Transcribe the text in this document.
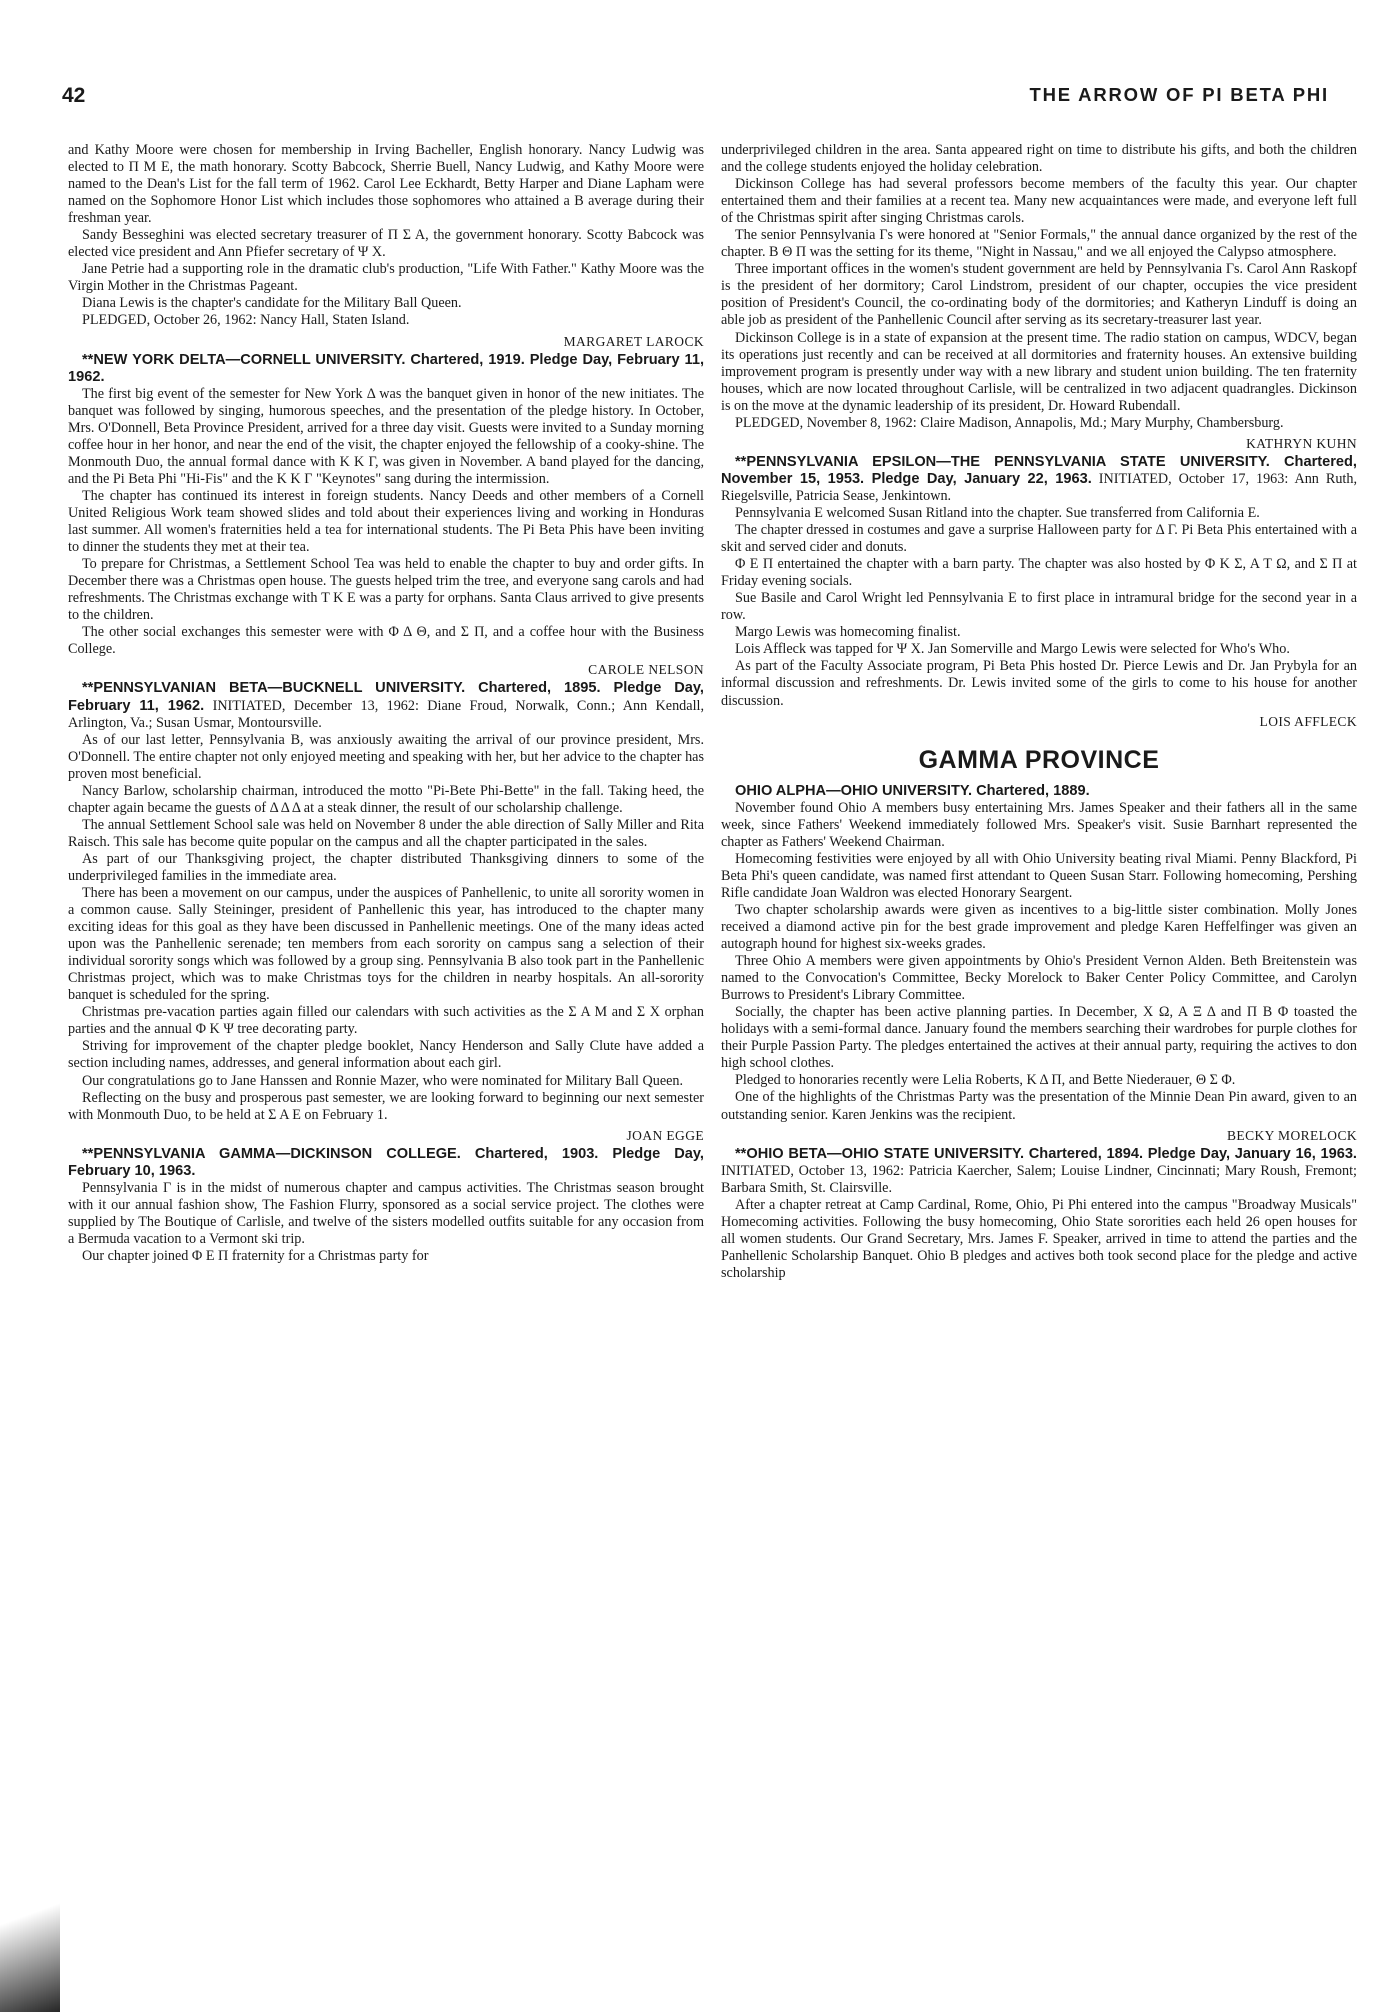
42	THE ARROW OF PI BETA PHI

and Kathy Moore were chosen for membership in Irving Bacheller, English honorary. Nancy Ludwig was elected to Π Μ Ε, the math honorary. Scotty Babcock, Sherrie Buell, Nancy Ludwig, and Kathy Moore were named to the Dean's List for the fall term of 1962. Carol Lee Eckhardt, Betty Harper and Diane Lapham were named on the Sophomore Honor List which includes those sophomores who attained a B average during their freshman year.

Sandy Besseghini was elected secretary treasurer of Π Σ Α, the government honorary. Scotty Babcock was elected vice president and Ann Pfiefer secretary of Ψ Χ.

Jane Petrie had a supporting role in the dramatic club's production, "Life With Father." Kathy Moore was the Virgin Mother in the Christmas Pageant.

Diana Lewis is the chapter's candidate for the Military Ball Queen.

PLEDGED, October 26, 1962: Nancy Hall, Staten Island.

MARGARET LAROCK

**NEW YORK DELTA—CORNELL UNIVERSITY. Chartered, 1919. Pledge Day, February 11, 1962.

The first big event of the semester for New York Δ was the banquet given in honor of the new initiates. The banquet was followed by singing, humorous speeches, and the presentation of the pledge history. In October, Mrs. O'Donnell, Beta Province President, arrived for a three day visit. Guests were invited to a Sunday morning coffee hour in her honor, and near the end of the visit, the chapter enjoyed the fellowship of a cooky-shine. The Monmouth Duo, the annual formal dance with Κ Κ Γ, was given in November. A band played for the dancing, and the Pi Beta Phi "Hi-Fis" and the Κ Κ Γ "Keynotes" sang during the intermission.

The chapter has continued its interest in foreign students. Nancy Deeds and other members of a Cornell United Religious Work team showed slides and told about their experiences living and working in Honduras last summer. All women's fraternities held a tea for international students. The Pi Beta Phis have been inviting to dinner the students they met at their tea.

To prepare for Christmas, a Settlement School Tea was held to enable the chapter to buy and order gifts. In December there was a Christmas open house. The guests helped trim the tree, and everyone sang carols and had refreshments. The Christmas exchange with Τ Κ Ε was a party for orphans. Santa Claus arrived to give presents to the children.

The other social exchanges this semester were with Φ Δ Θ, and Σ Π, and a coffee hour with the Business College.

CAROLE NELSON

**PENNSYLVANIAN BETA—BUCKNELL UNIVERSITY. Chartered, 1895. Pledge Day, February 11, 1962. INITIATED, December 13, 1962: Diane Froud, Norwalk, Conn.; Ann Kendall, Arlington, Va.; Susan Usmar, Montoursville.

As of our last letter, Pennsylvania Β, was anxiously awaiting the arrival of our province president, Mrs. O'Donnell. The entire chapter not only enjoyed meeting and speaking with her, but her advice to the chapter has proven most beneficial.

Nancy Barlow, scholarship chairman, introduced the motto "Pi-Bete Phi-Bette" in the fall. Taking heed, the chapter again became the guests of Δ Δ Δ at a steak dinner, the result of our scholarship challenge.

The annual Settlement School sale was held on November 8 under the able direction of Sally Miller and Rita Raisch. This sale has become quite popular on the campus and all the chapter participated in the sales.

As part of our Thanksgiving project, the chapter distributed Thanksgiving dinners to some of the underprivileged families in the immediate area.

There has been a movement on our campus, under the auspices of Panhellenic, to unite all sorority women in a common cause. Sally Steininger, president of Panhellenic this year, has introduced to the chapter many exciting ideas for this goal as they have been discussed in Panhellenic meetings. One of the many ideas acted upon was the Panhellenic serenade; ten members from each sorority on campus sang a selection of their individual sorority songs which was followed by a group sing. Pennsylvania Β also took part in the Panhellenic Christmas project, which was to make Christmas toys for the children in nearby hospitals. An all-sorority banquet is scheduled for the spring.

Christmas pre-vacation parties again filled our calendars with such activities as the Σ Α Μ and Σ Χ orphan parties and the annual Φ Κ Ψ tree decorating party.

Striving for improvement of the chapter pledge booklet, Nancy Henderson and Sally Clute have added a section including names, addresses, and general information about each girl.

Our congratulations go to Jane Hanssen and Ronnie Mazer, who were nominated for Military Ball Queen.

Reflecting on the busy and prosperous past semester, we are looking forward to beginning our next semester with Monmouth Duo, to be held at Σ Α Ε on February 1.

JOAN EGGE

**PENNSYLVANIA GAMMA—DICKINSON COLLEGE. Chartered, 1903. Pledge Day, February 10, 1963.

Pennsylvania Γ is in the midst of numerous chapter and campus activities. The Christmas season brought with it our annual fashion show, The Fashion Flurry, sponsored as a social service project. The clothes were supplied by The Boutique of Carlisle, and twelve of the sisters modelled outfits suitable for any occasion from a Bermuda vacation to a Vermont ski trip.

Our chapter joined Φ Ε Π fraternity for a Christmas party for

underprivileged children in the area. Santa appeared right on time to distribute his gifts, and both the children and the college students enjoyed the holiday celebration.

Dickinson College has had several professors become members of the faculty this year. Our chapter entertained them and their families at a recent tea. Many new acquaintances were made, and everyone left full of the Christmas spirit after singing Christmas carols.

The senior Pennsylvania Γs were honored at "Senior Formals," the annual dance organized by the rest of the chapter. Β Θ Π was the setting for its theme, "Night in Nassau," and we all enjoyed the Calypso atmosphere.

Three important offices in the women's student government are held by Pennsylvania Γs. Carol Ann Raskopf is the president of her dormitory; Carol Lindstrom, president of our chapter, occupies the vice president position of President's Council, the co-ordinating body of the dormitories; and Katheryn Linduff is doing an able job as president of the Panhellenic Council after serving as its secretary-treasurer last year.

Dickinson College is in a state of expansion at the present time. The radio station on campus, WDCV, began its operations just recently and can be received at all dormitories and fraternity houses. An extensive building improvement program is presently under way with a new library and student union building. The ten fraternity houses, which are now located throughout Carlisle, will be centralized in two adjacent quadrangles. Dickinson is on the move at the dynamic leadership of its president, Dr. Howard Rubendall.

PLEDGED, November 8, 1962: Claire Madison, Annapolis, Md.; Mary Murphy, Chambersburg.

KATHRYN KUHN

**PENNSYLVANIA EPSILON—THE PENNSYLVANIA STATE UNIVERSITY. Chartered, November 15, 1953. Pledge Day, January 22, 1963. INITIATED, October 17, 1963: Ann Ruth, Riegelsville, Patricia Sease, Jenkintown.

Pennsylvania Ε welcomed Susan Ritland into the chapter. Sue transferred from California Ε.

The chapter dressed in costumes and gave a surprise Halloween party for Δ Γ. Pi Beta Phis entertained with a skit and served cider and donuts.

Φ Ε Π entertained the chapter with a barn party. The chapter was also hosted by Φ Κ Σ, Α Τ Ω, and Σ Π at Friday evening socials.

Sue Basile and Carol Wright led Pennsylvania Ε to first place in intramural bridge for the second year in a row.

Margo Lewis was homecoming finalist.

Lois Affleck was tapped for Ψ Χ. Jan Somerville and Margo Lewis were selected for Who's Who.

As part of the Faculty Associate program, Pi Beta Phis hosted Dr. Pierce Lewis and Dr. Jan Prybyla for an informal discussion and refreshments. Dr. Lewis invited some of the girls to come to his house for another discussion.

LOIS AFFLECK
GAMMA PROVINCE

OHIO ALPHA—OHIO UNIVERSITY. Chartered, 1889.

November found Ohio Α members busy entertaining Mrs. James Speaker and their fathers all in the same week, since Fathers' Weekend immediately followed Mrs. Speaker's visit. Susie Barnhart represented the chapter as Fathers' Weekend Chairman.

Homecoming festivities were enjoyed by all with Ohio University beating rival Miami. Penny Blackford, Pi Beta Phi's queen candidate, was named first attendant to Queen Susan Starr. Following homecoming, Pershing Rifle candidate Joan Waldron was elected Honorary Seargent.

Two chapter scholarship awards were given as incentives to a big-little sister combination. Molly Jones received a diamond active pin for the best grade improvement and pledge Karen Heffelfinger was given an autograph hound for highest six-weeks grades.

Three Ohio Α members were given appointments by Ohio's President Vernon Alden. Beth Breitenstein was named to the Convocation's Committee, Becky Morelock to Baker Center Policy Committee, and Carolyn Burrows to President's Library Committee.

Socially, the chapter has been active planning parties. In December, Χ Ω, Α Ξ Δ and Π Β Φ toasted the holidays with a semi-formal dance. January found the members searching their wardrobes for purple clothes for their Purple Passion Party. The pledges entertained the actives at their annual party, requiring the actives to don high school clothes.

Pledged to honoraries recently were Lelia Roberts, Κ Δ Π, and Bette Niederauer, Θ Σ Φ.

One of the highlights of the Christmas Party was the presentation of the Minnie Dean Pin award, given to an outstanding senior. Karen Jenkins was the recipient.

BECKY MORELOCK

**OHIO BETA—OHIO STATE UNIVERSITY. Chartered, 1894. Pledge Day, January 16, 1963. INITIATED, October 13, 1962: Patricia Kaercher, Salem; Louise Lindner, Cincinnati; Mary Roush, Fremont; Barbara Smith, St. Clairsville.

After a chapter retreat at Camp Cardinal, Rome, Ohio, Pi Phi entered into the campus "Broadway Musicals" Homecoming activities. Following the busy homecoming, Ohio State sororities each held 26 open houses for all women students. Our Grand Secretary, Mrs. James F. Speaker, arrived in time to attend the parties and the Panhellenic Scholarship Banquet. Ohio Β pledges and actives both took second place for the pledge and active scholarship
